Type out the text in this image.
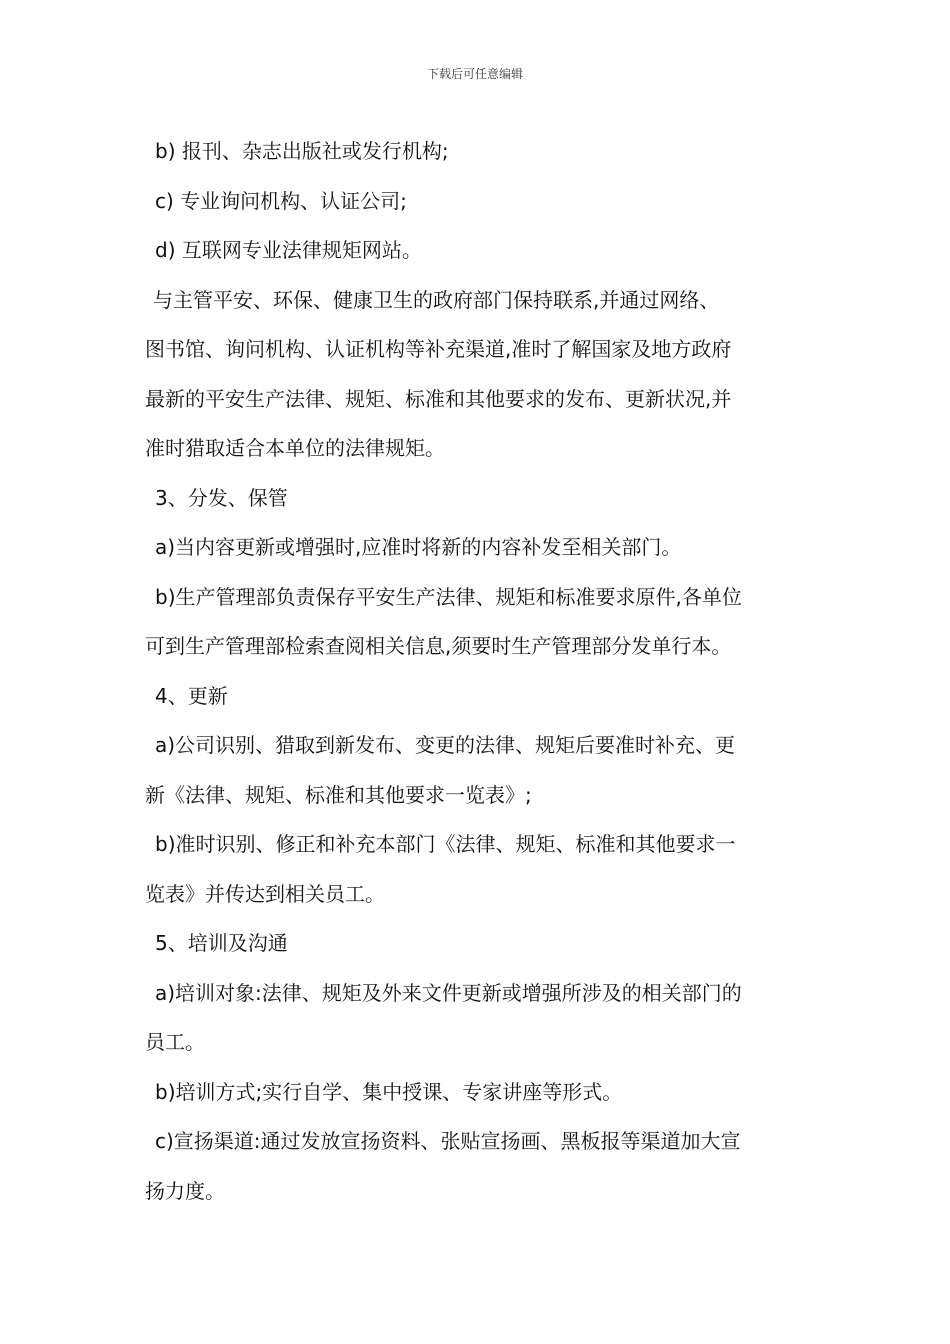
下载后可任意编辑

b) 报刊、杂志出版社或发行机构;

c) 专业询问机构、认证公司;

d) 互联网专业法律规矩网站。

与主管平安、环保、健康卫生的政府部门保持联系,并通过网络、

图书馆、询问机构、认证机构等补充渠道,准时了解国家及地方政府

最新的平安生产法律、规矩、标准和其他要求的发布、更新状况,并

准时猎取适合本单位的法律规矩。

3、分发、保管

a)当内容更新或增强时,应准时将新的内容补发至相关部门。

b)生产管理部负责保存平安生产法律、规矩和标准要求原件,各单位

可到生产管理部检索查阅相关信息,须要时生产管理部分发单行本。

4、更新

a)公司识别、猎取到新发布、变更的法律、规矩后要准时补充、更

新《法律、规矩、标准和其他要求一览表》;

b)准时识别、修正和补充本部门《法律、规矩、标准和其他要求一

览表》并传达到相关员工。

5、培训及沟通

a)培训对象:法律、规矩及外来文件更新或增强所涉及的相关部门的

员工。

b)培训方式;实行自学、集中授课、专家讲座等形式。

c)宣扬渠道:通过发放宣扬资料、张贴宣扬画、黑板报等渠道加大宣

扬力度。
